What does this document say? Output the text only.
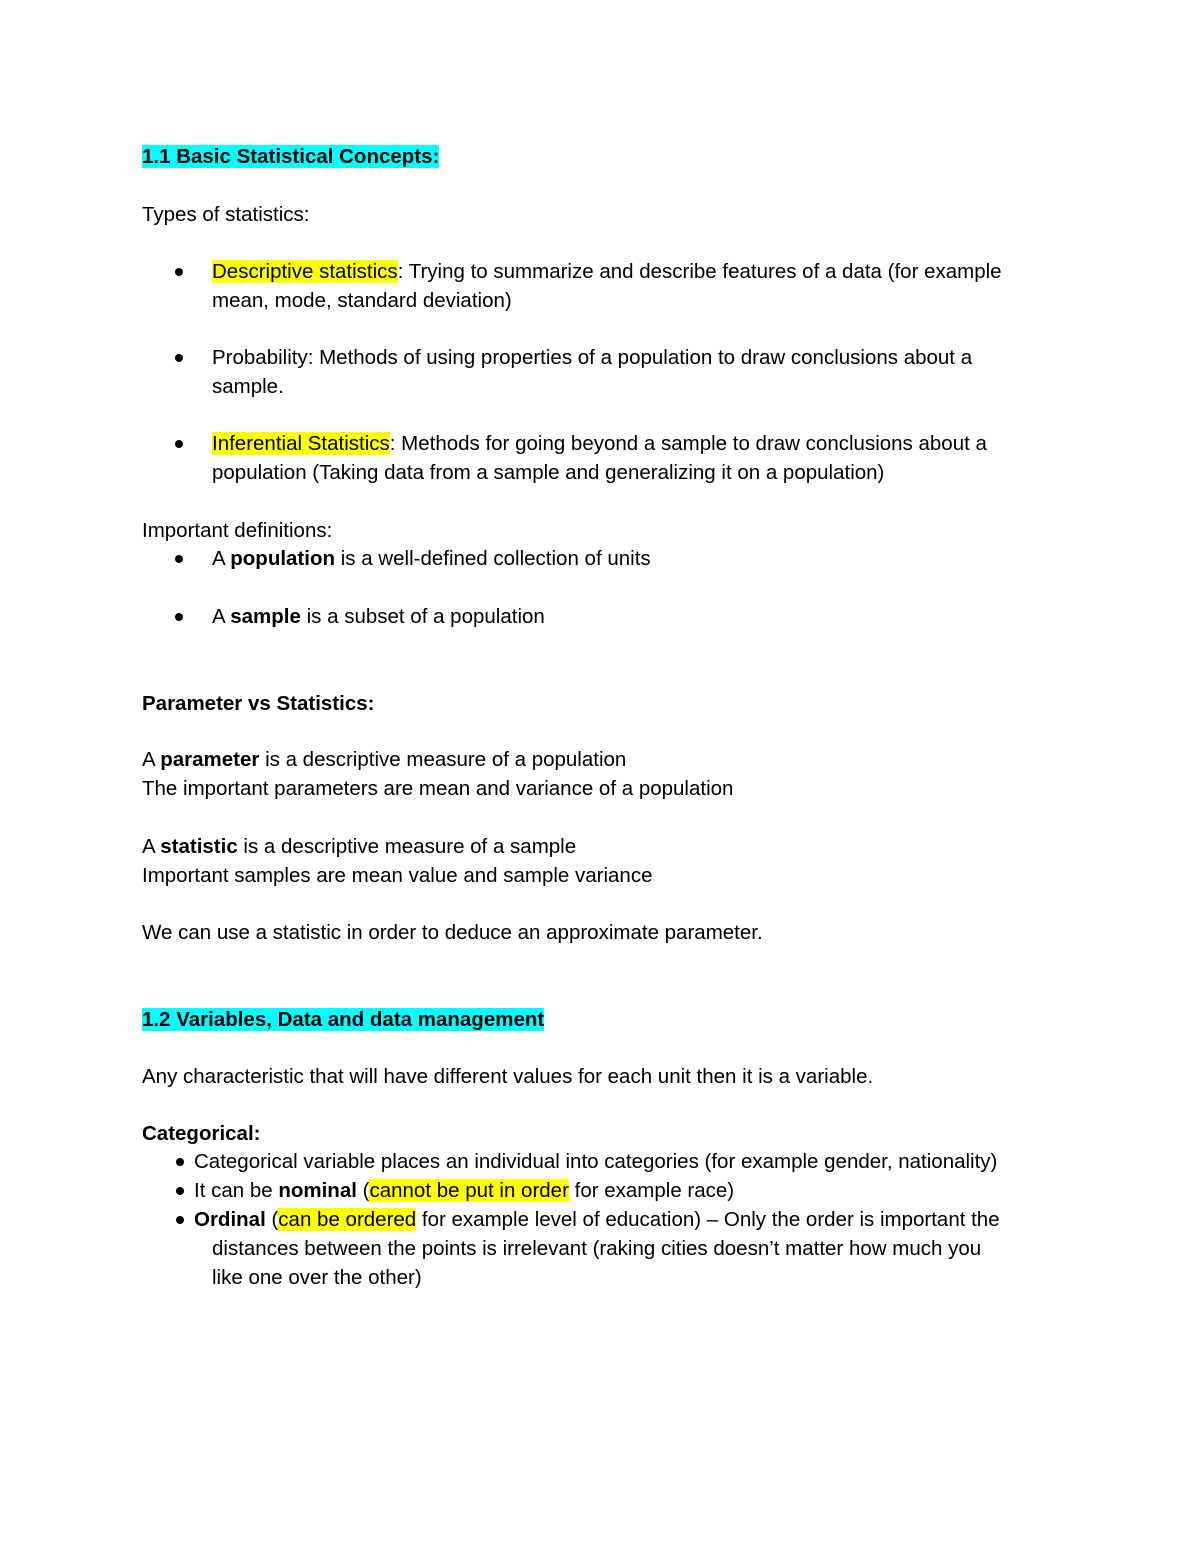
1.1 Basic Statistical Concepts:
Types of statistics:
Descriptive statistics: Trying to summarize and describe features of a data (for example
mean, mode, standard deviation)
Probability: Methods of using properties of a population to draw conclusions about a
sample.
Inferential Statistics: Methods for going beyond a sample to draw conclusions about a
population (Taking data from a sample and generalizing it on a population)
Important definitions:
A population is a well-defined collection of units
A sample is a subset of a population
Parameter vs Statistics:
A parameter is a descriptive measure of a population
The important parameters are mean and variance of a population
A statistic is a descriptive measure of a sample
Important samples are mean value and sample variance
We can use a statistic in order to deduce an approximate parameter.
1.2 Variables, Data and data management
Any characteristic that will have different values for each unit then it is a variable.
Categorical:
Categorical variable places an individual into categories (for example gender, nationality)
It can be nominal (cannot be put in order for example race)
Ordinal (can be ordered for example level of education) – Only the order is important the
distances between the points is irrelevant (raking cities doesn’t matter how much you
like one over the other)
